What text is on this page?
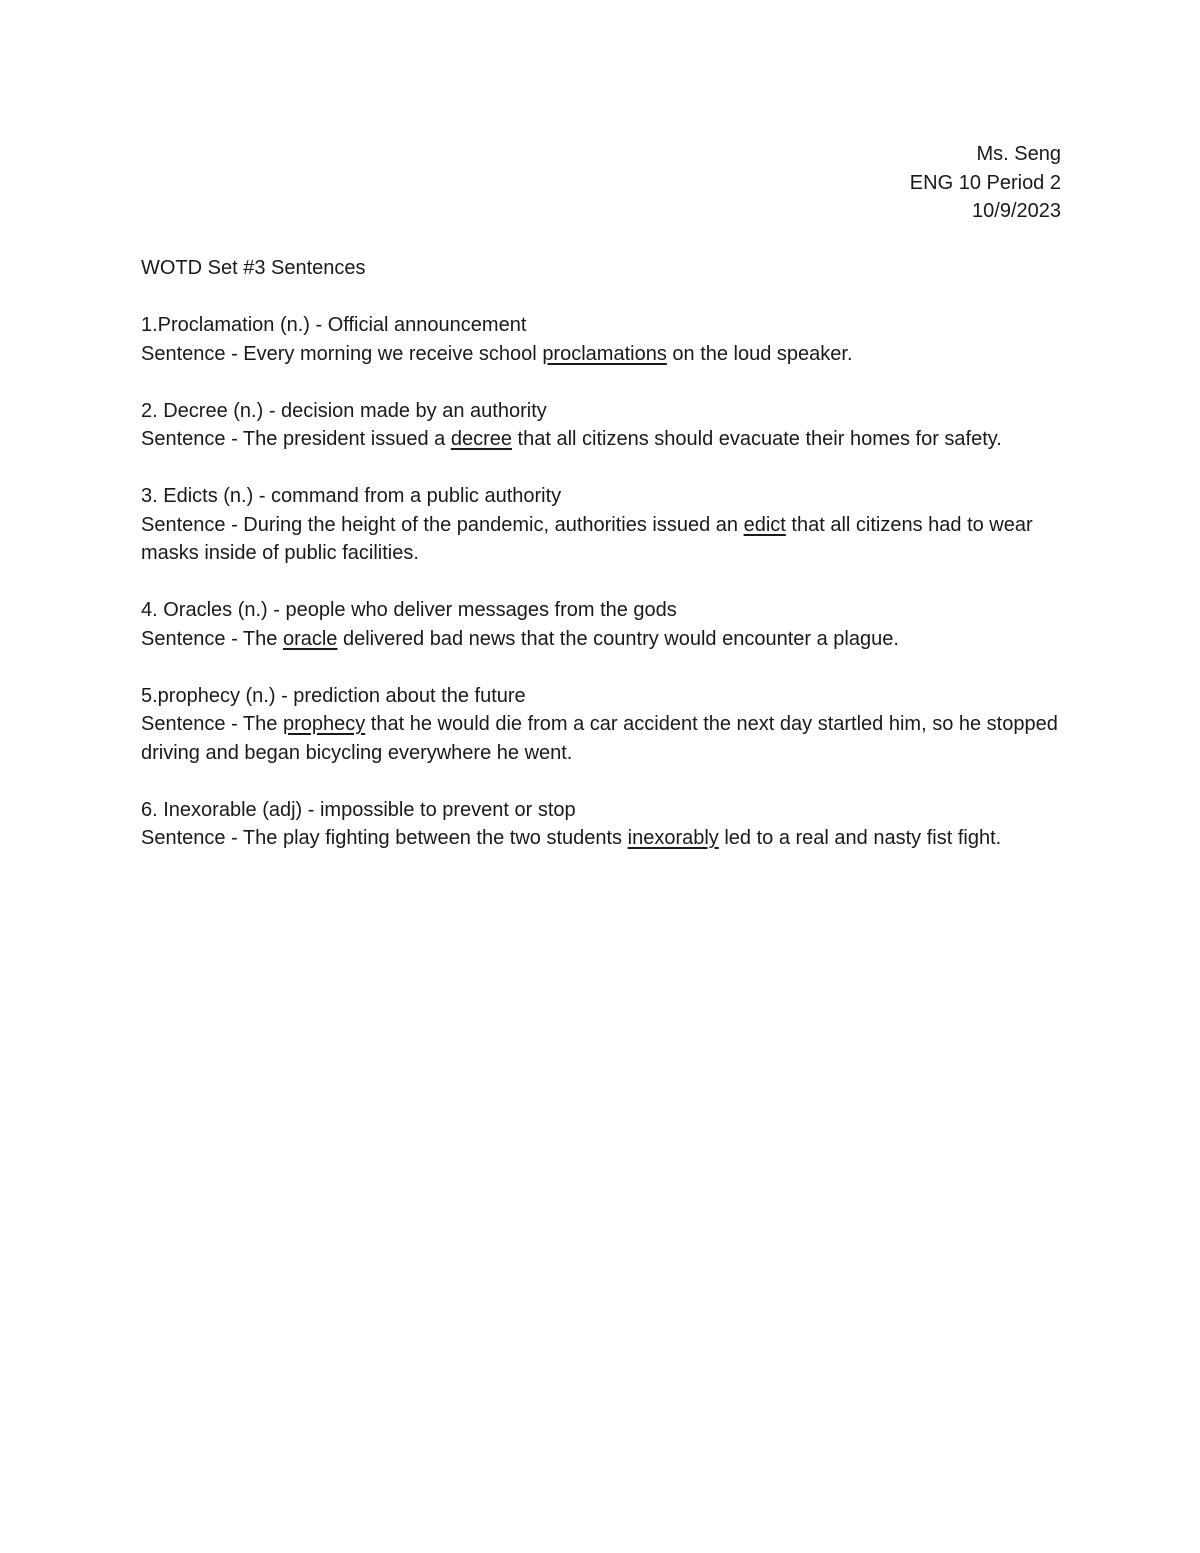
Ms. Seng
ENG 10 Period 2
10/9/2023
WOTD Set #3 Sentences
1.Proclamation (n.) - Official announcement
Sentence - Every morning we receive school proclamations on the loud speaker.
2. Decree (n.) - decision made by an authority
Sentence - The president issued a decree that all citizens should evacuate their homes for safety.
3. Edicts (n.) - command from a public authority
Sentence - During the height of the pandemic, authorities issued an edict that all citizens had to wear masks inside of public facilities.
4. Oracles (n.) - people who deliver messages from the gods
Sentence - The oracle delivered bad news that the country would encounter a plague.
5.prophecy (n.) - prediction about the future
Sentence - The prophecy that he would die from a car accident the next day startled him, so he stopped driving and began bicycling everywhere he went.
6. Inexorable (adj) - impossible to prevent or stop
Sentence - The play fighting between the two students inexorably led to a real and nasty fist fight.
